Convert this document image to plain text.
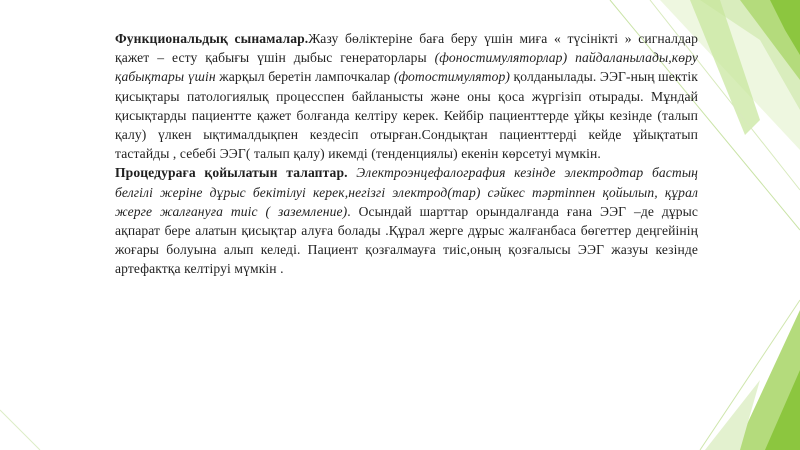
Функциональдық сынамалар.Жазу бөліктеріне баға беру үшін миға « түсінікті » сигналдар қажет – есту қабығы үшін дыбыс генераторлары (фоностимуляторлар) пайдаланылады,көру қабықтары үшін жарқыл беретін лампочкалар (фотостимулятор) қолданылады. ЭЭГ-ның шектік қисықтары патологиялық процесспен байланысты және оны қоса жүргізіп отырады. Мұндай қисықтарды пациентте қажет болғанда келтіру керек. Кейбір пациенттерде ұйқы кезінде (талып қалу) үлкен ықтималдықпен кездесіп отырған.Сондықтан пациенттерді кейде ұйықтатып тастайды , себебі ЭЭГ( талып қалу) икемді (тенденциялы) екенін көрсетуі мүмкін.

Процедураға қойылатын талаптар. Электроэнцефалография кезінде электродтар бастың белгілі жеріне дұрыс бекітілуі керек,негізгі электрод(тар) сәйкес тәртіппен қойылып, құрал жерге жалғануға тиіс ( заземление). Осындай шарттар орындалғанда ғана ЭЭГ –де дұрыс ақпарат бере алатын қисықтар алуға болады .Құрал жерге дұрыс жалғанбаса бөгеттер деңгейінің жоғары болуына алып келеді. Пациент қозғалмауға тиіс,оның қозғалысы ЭЭГ жазуы кезінде артефактқа келтіруі мүмкін .
